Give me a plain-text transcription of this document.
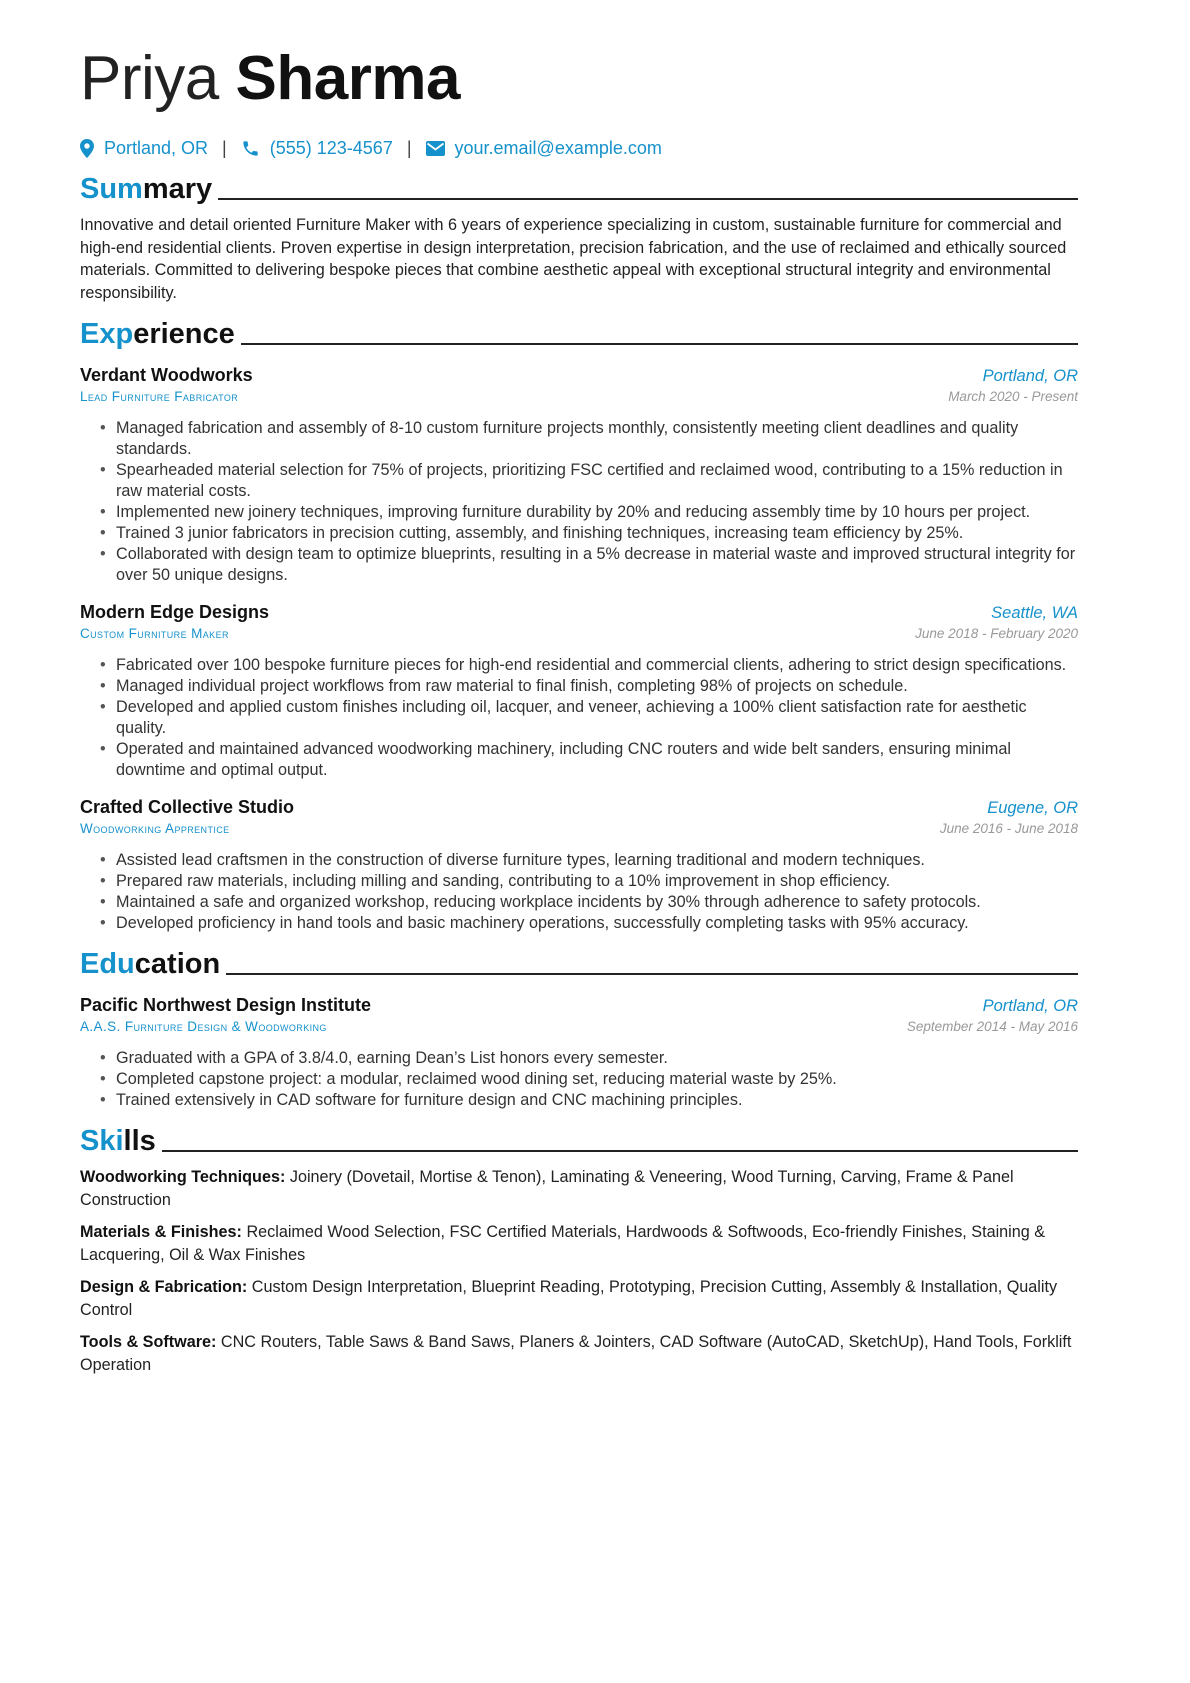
Priya Sharma
Portland, OR | (555) 123-4567 | your.email@example.com
Summary
Innovative and detail oriented Furniture Maker with 6 years of experience specializing in custom, sustainable furniture for commercial and high-end residential clients. Proven expertise in design interpretation, precision fabrication, and the use of reclaimed and ethically sourced materials. Committed to delivering bespoke pieces that combine aesthetic appeal with exceptional structural integrity and environmental responsibility.
Experience
Verdant Woodworks	Portland, OR
Lead Furniture Fabricator	March 2020 - Present
• Managed fabrication and assembly of 8-10 custom furniture projects monthly, consistently meeting client deadlines and quality standards.
• Spearheaded material selection for 75% of projects, prioritizing FSC certified and reclaimed wood, contributing to a 15% reduction in raw material costs.
• Implemented new joinery techniques, improving furniture durability by 20% and reducing assembly time by 10 hours per project.
• Trained 3 junior fabricators in precision cutting, assembly, and finishing techniques, increasing team efficiency by 25%.
• Collaborated with design team to optimize blueprints, resulting in a 5% decrease in material waste and improved structural integrity for over 50 unique designs.
Modern Edge Designs	Seattle, WA
Custom Furniture Maker	June 2018 - February 2020
• Fabricated over 100 bespoke furniture pieces for high-end residential and commercial clients, adhering to strict design specifications.
• Managed individual project workflows from raw material to final finish, completing 98% of projects on schedule.
• Developed and applied custom finishes including oil, lacquer, and veneer, achieving a 100% client satisfaction rate for aesthetic quality.
• Operated and maintained advanced woodworking machinery, including CNC routers and wide belt sanders, ensuring minimal downtime and optimal output.
Crafted Collective Studio	Eugene, OR
Woodworking Apprentice	June 2016 - June 2018
• Assisted lead craftsmen in the construction of diverse furniture types, learning traditional and modern techniques.
• Prepared raw materials, including milling and sanding, contributing to a 10% improvement in shop efficiency.
• Maintained a safe and organized workshop, reducing workplace incidents by 30% through adherence to safety protocols.
• Developed proficiency in hand tools and basic machinery operations, successfully completing tasks with 95% accuracy.
Education
Pacific Northwest Design Institute	Portland, OR
A.A.S. Furniture Design & Woodworking	September 2014 - May 2016
• Graduated with a GPA of 3.8/4.0, earning Dean’s List honors every semester.
• Completed capstone project: a modular, reclaimed wood dining set, reducing material waste by 25%.
• Trained extensively in CAD software for furniture design and CNC machining principles.
Skills
Woodworking Techniques: Joinery (Dovetail, Mortise & Tenon), Laminating & Veneering, Wood Turning, Carving, Frame & Panel Construction
Materials & Finishes: Reclaimed Wood Selection, FSC Certified Materials, Hardwoods & Softwoods, Eco-friendly Finishes, Staining & Lacquering, Oil & Wax Finishes
Design & Fabrication: Custom Design Interpretation, Blueprint Reading, Prototyping, Precision Cutting, Assembly & Installation, Quality Control
Tools & Software: CNC Routers, Table Saws & Band Saws, Planers & Jointers, CAD Software (AutoCAD, SketchUp), Hand Tools, Forklift Operation
